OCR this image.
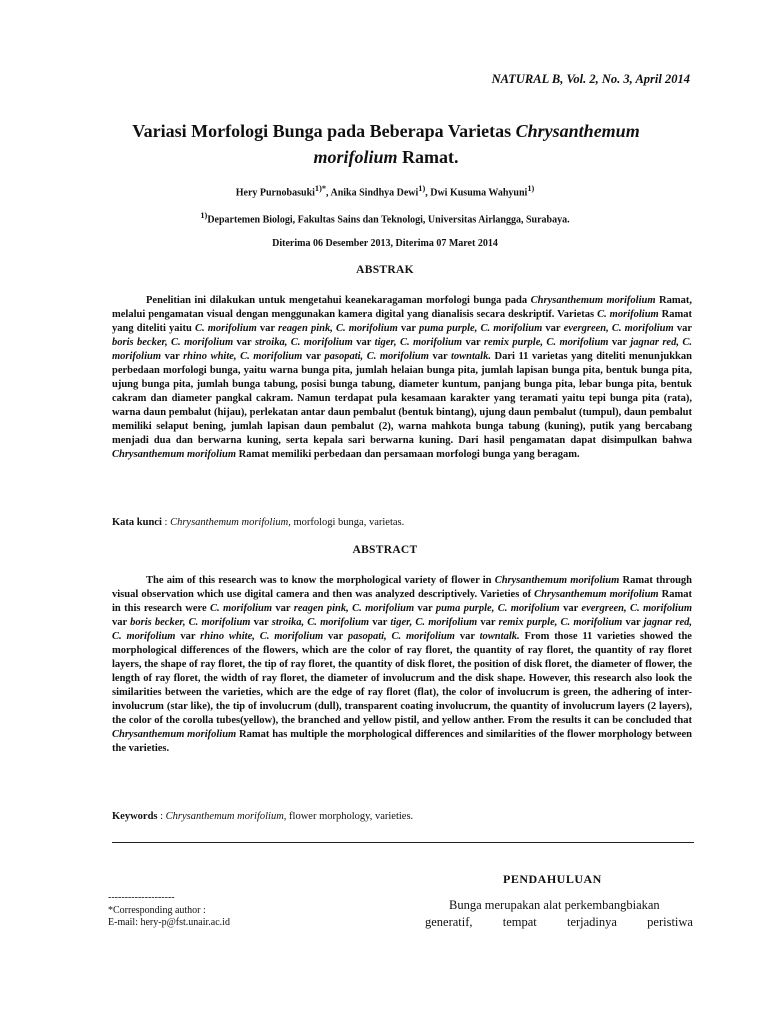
NATURAL B, Vol. 2, No. 3, April 2014
Variasi Morfologi Bunga pada Beberapa Varietas Chrysanthemum morifolium Ramat.
Hery Purnobasuki$^{1)*}$, Anika Sindhya Dewi$^{1)}$, Dwi Kusuma Wahyuni$^{1)}$
$^{1)}$Departemen Biologi, Fakultas Sains dan Teknologi, Universitas Airlangga, Surabaya.
Diterima 06 Desember 2013, Diterima 07 Maret 2014
ABSTRAK
Penelitian ini dilakukan untuk mengetahui keanekaragaman morfologi bunga pada Chrysanthemum morifolium Ramat, melalui pengamatan visual dengan menggunakan kamera digital yang dianalisis secara deskriptif. Varietas C. morifolium Ramat yang diteliti yaitu C. morifolium var reagen pink, C. morifolium var puma purple, C. morifolium var evergreen, C. morifolium var boris becker, C. morifolium var stroika, C. morifolium var tiger, C. morifolium var remix purple, C. morifolium var jagnar red, C. morifolium var rhino white, C. morifolium var pasopati, C. morifolium var towntalk. Dari 11 varietas yang diteliti menunjukkan perbedaan morfologi bunga, yaitu warna bunga pita, jumlah helaian bunga pita, jumlah lapisan bunga pita, bentuk bunga pita, ujung bunga pita, jumlah bunga tabung, posisi bunga tabung, diameter kuntum, panjang bunga pita, lebar bunga pita, bentuk cakram dan diameter pangkal cakram. Namun terdapat pula kesamaan karakter yang teramati yaitu tepi bunga pita (rata), warna daun pembalut (hijau), perlekatan antar daun pembalut (bentuk bintang), ujung daun pembalut (tumpul), daun pembalut memiliki selaput bening, jumlah lapisan daun pembalut (2), warna mahkota bunga tabung (kuning), putik yang bercabang menjadi dua dan berwarna kuning, serta kepala sari berwarna kuning. Dari hasil pengamatan dapat disimpulkan bahwa Chrysanthemum morifolium Ramat memiliki perbedaan dan persamaan morfologi bunga yang beragam.
Kata kunci : Chrysanthemum morifolium, morfologi bunga, varietas.
ABSTRACT
The aim of this research was to know the morphological variety of flower in Chrysanthemum morifolium Ramat through visual observation which use digital camera and then was analyzed descriptively. Varieties of Chrysanthemum morifolium Ramat in this research were C. morifolium var reagen pink, C. morifolium var puma purple, C. morifolium var evergreen, C. morifolium var boris becker, C. morifolium var stroika, C. morifolium var tiger, C. morifolium var remix purple, C. morifolium var jagnar red, C. morifolium var rhino white, C. morifolium var pasopati, C. morifolium var towntalk. From those 11 varieties showed the morphological differences of the flowers, which are the color of ray floret, the quantity of ray floret, the quantity of ray floret layers, the shape of ray floret, the tip of ray floret, the quantity of disk floret, the position of disk floret, the diameter of flower, the length of ray floret, the width of ray floret, the diameter of involucrum and the disk shape. However, this research also look the similarities between the varieties, which are the edge of ray floret (flat), the color of involucrum is green, the adhering of inter- involucrum (star like), the tip of involucrum (dull), transparent coating involucrum, the quantity of involucrum layers (2 layers), the color of the corolla tubes(yellow), the branched and yellow pistil, and yellow anther. From the results it can be concluded that Chrysanthemum morifolium Ramat has multiple the morphological differences and similarities of the flower morphology between the varieties.
Keywords : Chrysanthemum morifolium, flower morphology, varieties.
PENDAHULUAN
--------------------
*Corresponding author :
E-mail: hery-p@fst.unair.ac.id
Bunga merupakan alat perkembangbiakan
generatif, tempat terjadinya peristiwa
